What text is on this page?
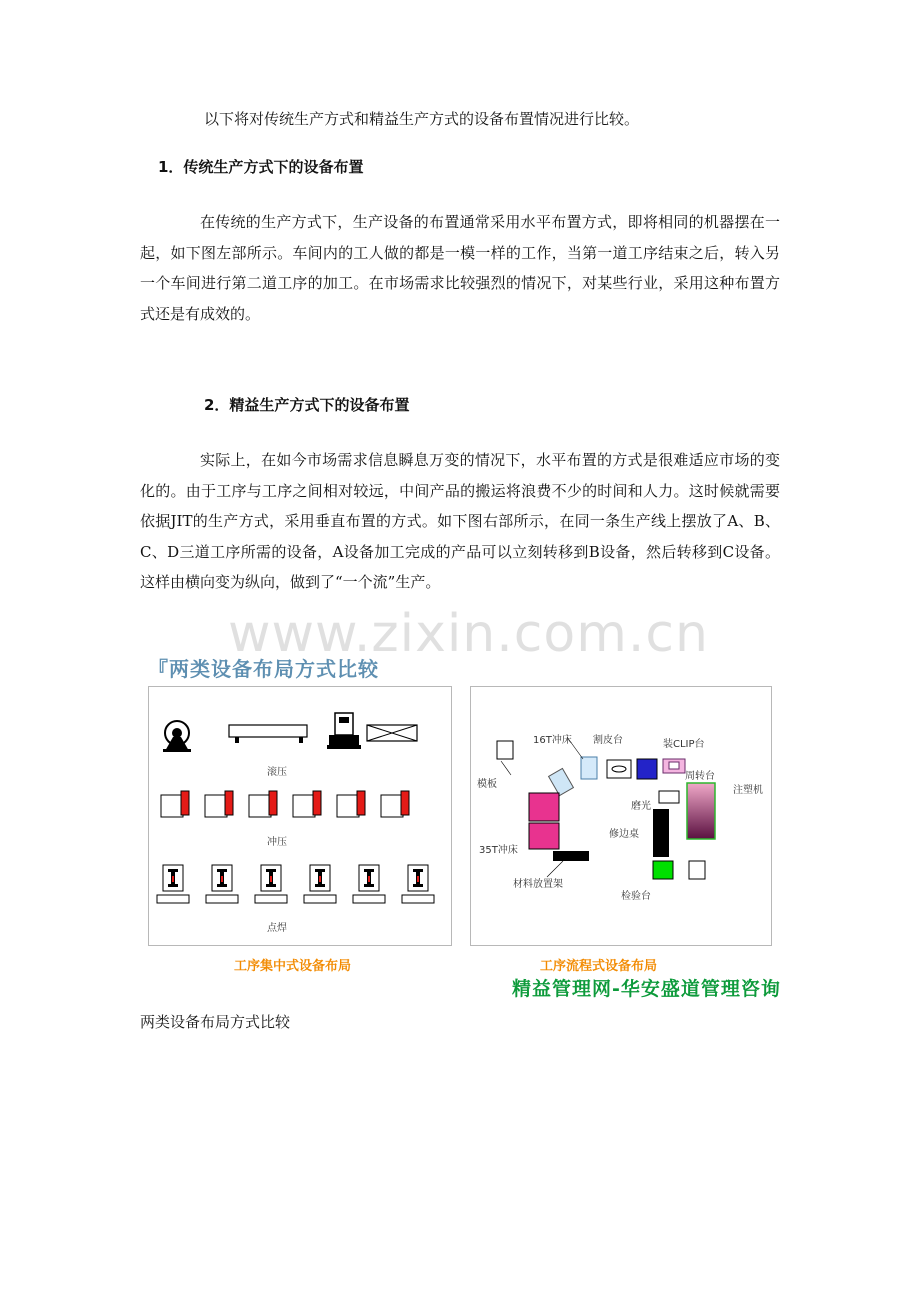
以下将对传统生产方式和精益生产方式的设备布置情况进行比较。

1．传统生产方式下的设备布置

在传统的生产方式下，生产设备的布置通常采用水平布置方式，即将相同的机器摆在一起，如下图左部所示。车间内的工人做的都是一模一样的工作，当第一道工序结束之后，转入另一个车间进行第二道工序的加工。在市场需求比较强烈的情况下，对某些行业，采用这种布置方式还是有成效的。

2．精益生产方式下的设备布置

实际上，在如今市场需求信息瞬息万变的情况下，水平布置的方式是很难适应市场的变化的。由于工序与工序之间相对较远，中间产品的搬运将浪费不少的时间和人力。这时候就需要依据JIT的生产方式，采用垂直布置的方式。如下图右部所示，在同一条生产线上摆放了A、B、C、D三道工序所需的设备，A设备加工完成的产品可以立刻转移到B设备，然后转移到C设备。这样由横向变为纵向，做到了“一个流”生产。

www.zixin.com.cn
『两类设备布局方式比较
滚压
冲压
点焊
工序集中式设备布局
16T冲床 割皮台	装CLIP台
模板
周转台
注塑机
磨光
修边桌
35T冲床
材料放置架
检验台
工序流程式设备布局
精益管理网-华安盛道管理咨询
两类设备布局方式比较
